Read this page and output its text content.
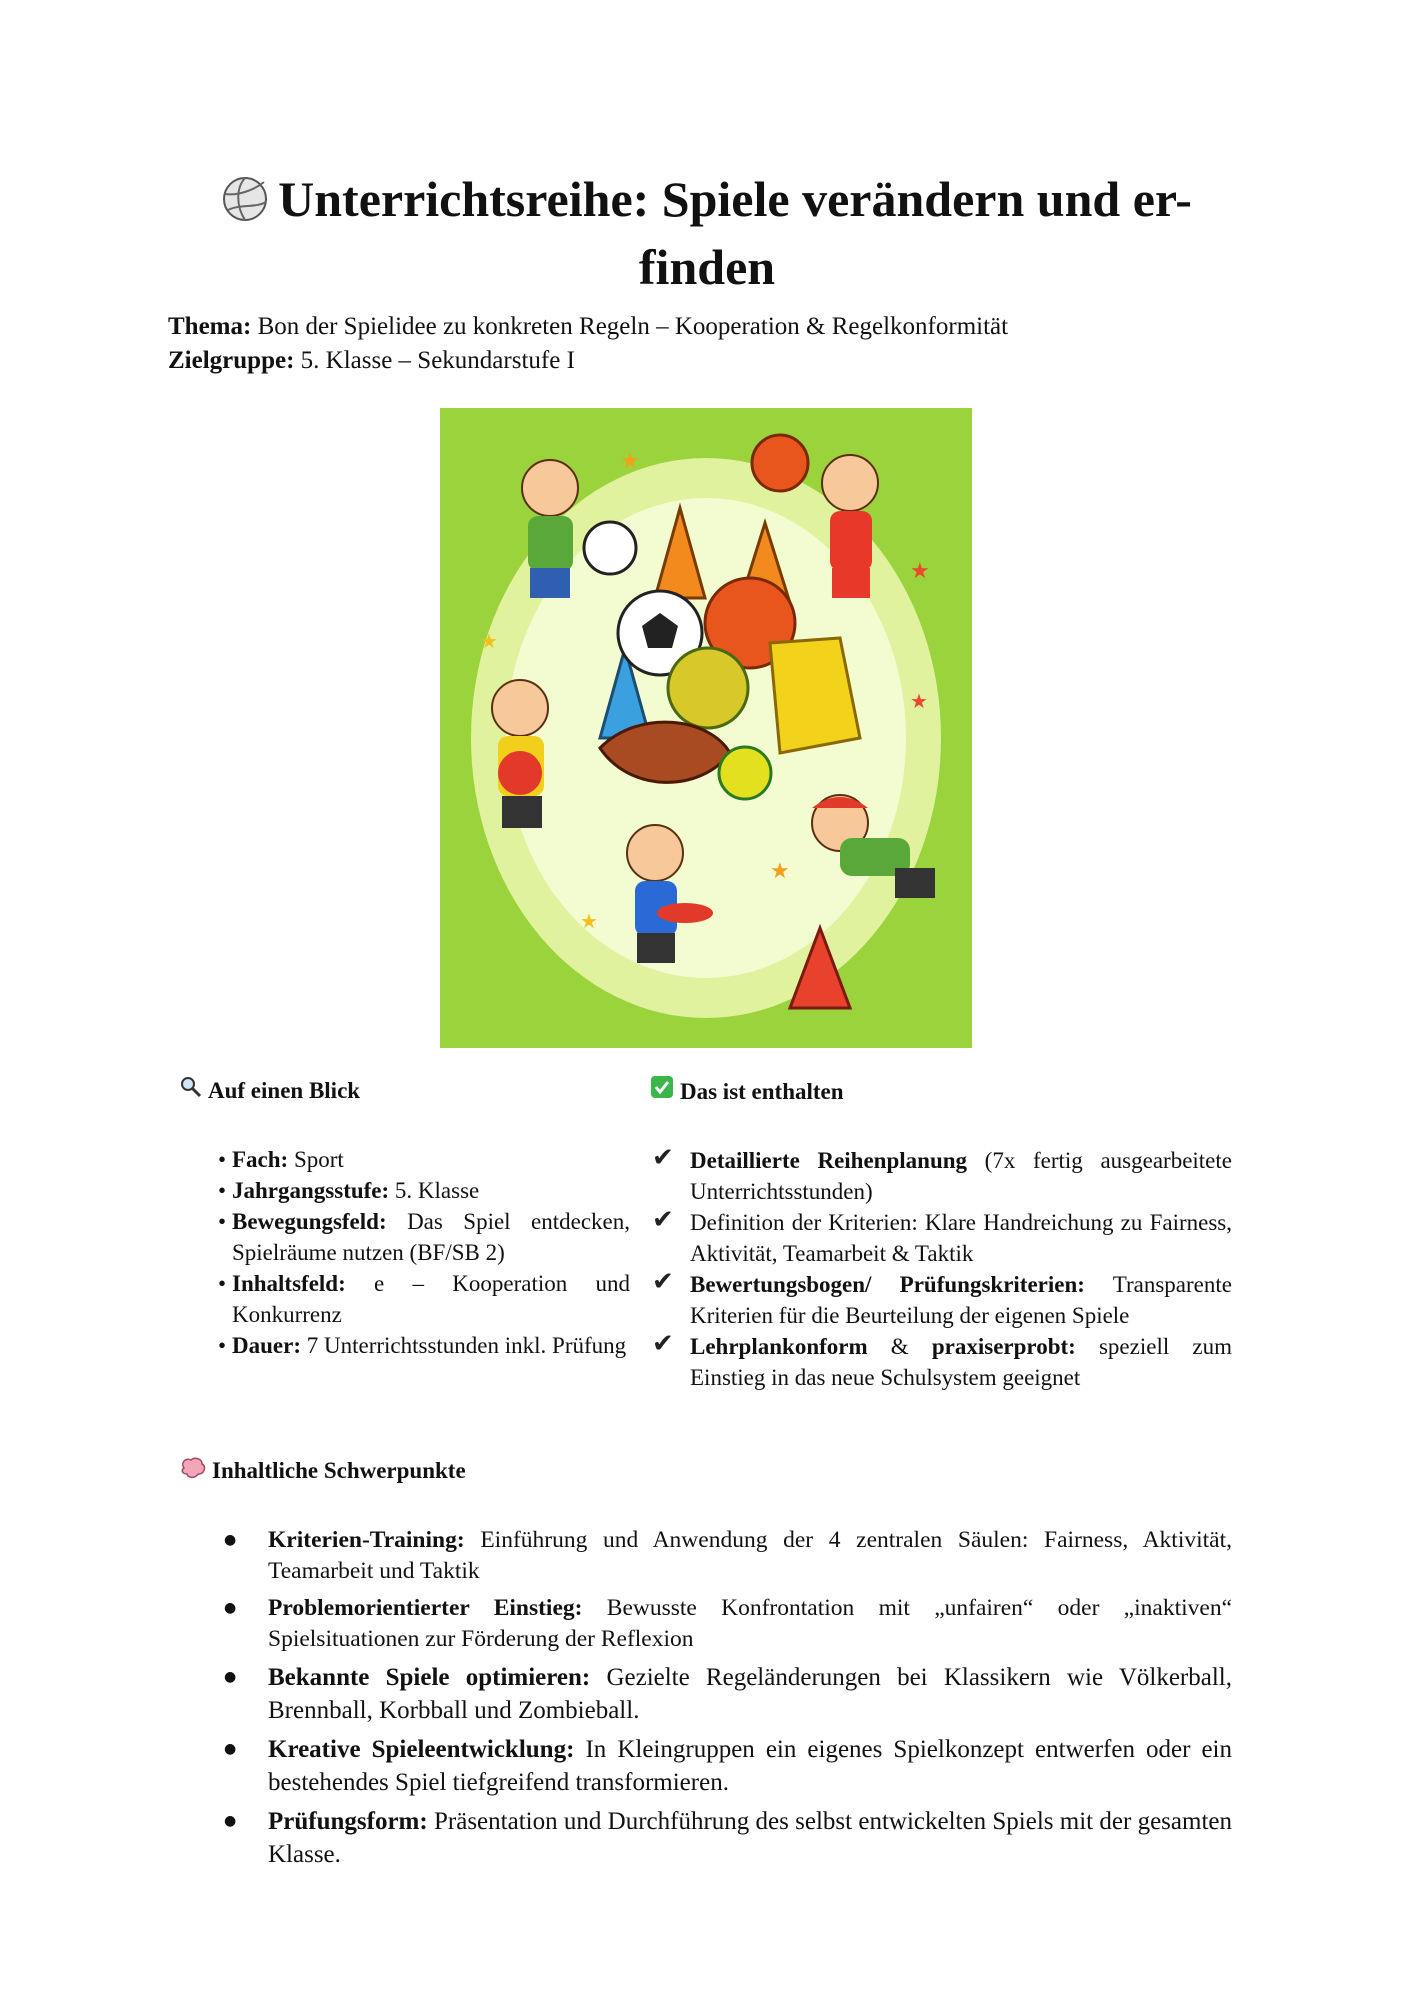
Unterrichtsreihe: Spiele verändern und er-
finden
Thema: Bon der Spielidee zu konkreten Regeln – Kooperation & Regelkonformität
Zielgruppe: 5. Klasse – Sekundarstufe I
★
★
★
★
★
★
Auf einen Blick
• Fach: Sport
• Jahrgangsstufe: 5. Klasse
• Bewegungsfeld: Das Spiel entdecken, Spielräume nutzen (BF/SB 2)
• Inhaltsfeld: e – Kooperation und Konkurrenz
• Dauer: 7 Unterrichtsstunden inkl. Prüfung
Das ist enthalten
✔ Detaillierte Reihenplanung (7x fertig ausgearbeitete Unterrichtsstunden)
✔ Definition der Kriterien: Klare Handreichung zu Fairness, Aktivität, Teamarbeit & Taktik
✔ Bewertungsbogen/ Prüfungskriterien: Transparente Kriterien für die Beurteilung der eigenen Spiele
✔ Lehrplankonform & praxiserprobt: speziell zum Einstieg in das neue Schulsystem geeignet
Inhaltliche Schwerpunkte
● Kriterien-Training: Einführung und Anwendung der 4 zentralen Säulen: Fairness, Aktivität, Teamarbeit und Taktik
● Problemorientierter Einstieg: Bewusste Konfrontation mit „unfairen“ oder „inaktiven“ Spielsituationen zur Förderung der Reflexion
● Bekannte Spiele optimieren: Gezielte Regeländerungen bei Klassikern wie Völkerball, Brennball, Korbball und Zombieball.
● Kreative Spieleentwicklung: In Kleingruppen ein eigenes Spielkonzept entwerfen oder ein bestehendes Spiel tiefgreifend transformieren.
● Prüfungsform: Präsentation und Durchführung des selbst entwickelten Spiels mit der gesamten Klasse.
